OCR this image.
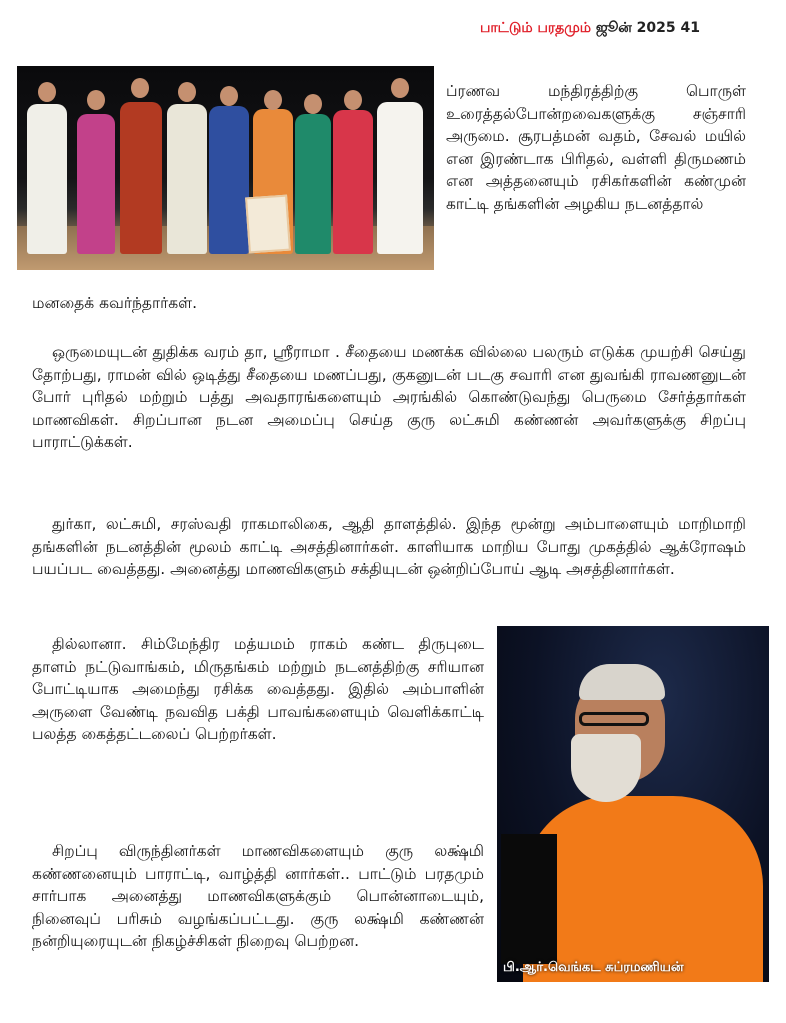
பாட்டும் பரதமும் ஜூன் 2025 41

ப்ரணவ மந்திரத்திற்கு பொருள் உரைத்தல்போன்றவைகளுக்கு சஞ்சாரி அருமை. சூரபத்மன் வதம், சேவல் மயில் என இரண்டாக பிரிதல், வள்ளி திருமணம் என அத்தனையும் ரசிகர்களின் கண்முன் காட்டி தங்களின் அழகிய நடனத்தால்

மனதைக் கவர்ந்தார்கள்.

ஒருமையுடன் துதிக்க வரம் தா, ஸ்ரீராமா . சீதையை மணக்க வில்லை பலரும் எடுக்க முயற்சி செய்து தோற்பது, ராமன் வில் ஒடித்து சீதையை மணப்பது, குகனுடன் படகு சவாரி என துவங்கி ராவணனுடன் போர் புரிதல் மற்றும் பத்து அவதாரங்களையும் அரங்கில் கொண்டுவந்து பெருமை சேர்த்தார்கள் மாணவிகள். சிறப்பான நடன அமைப்பு செய்த குரு லட்சுமி கண்ணன் அவர்களுக்கு சிறப்பு பாராட்டுக்கள்.

துர்கா, லட்சுமி, சரஸ்வதி ராகமாலிகை, ஆதி தாளத்தில். இந்த மூன்று அம்பாளையும் மாறிமாறி தங்களின் நடனத்தின் மூலம் காட்டி அசத்தினார்கள். காளியாக மாறிய போது முகத்தில் ஆக்ரோஷம் பயப்பட வைத்தது. அனைத்து மாணவிகளும் சக்தியுடன் ஒன்றிப்போய் ஆடி அசத்தினார்கள்.

தில்லானா. சிம்மேந்திர மத்யமம் ராகம் கண்ட திருபுடை தாளம் நட்டுவாங்கம், மிருதங்கம் மற்றும் நடனத்திற்கு சரியான போட்டியாக அமைந்து ரசிக்க வைத்தது. இதில் அம்பாளின் அருளை வேண்டி நவவித பக்தி பாவங்களையும் வெளிக்காட்டி பலத்த கைத்தட்டலைப் பெற்றர்கள்.

சிறப்பு விருந்தினர்கள் மாணவிகளையும் குரு லக்ஷ்மி கண்ணனையும் பாராட்டி, வாழ்த்தி னார்கள்.. பாட்டும் பரதமும் சார்பாக அனைத்து மாணவிகளுக்கும் பொன்னாடையும், நினைவுப் பரிசும் வழங்கப்பட்டது. குரு லக்ஷ்மி கண்ணன் நன்றியுரையுடன் நிகழ்ச்சிகள் நிறைவு பெற்றன.

பி.ஆர்.வெங்கட சுப்ரமணியன்
